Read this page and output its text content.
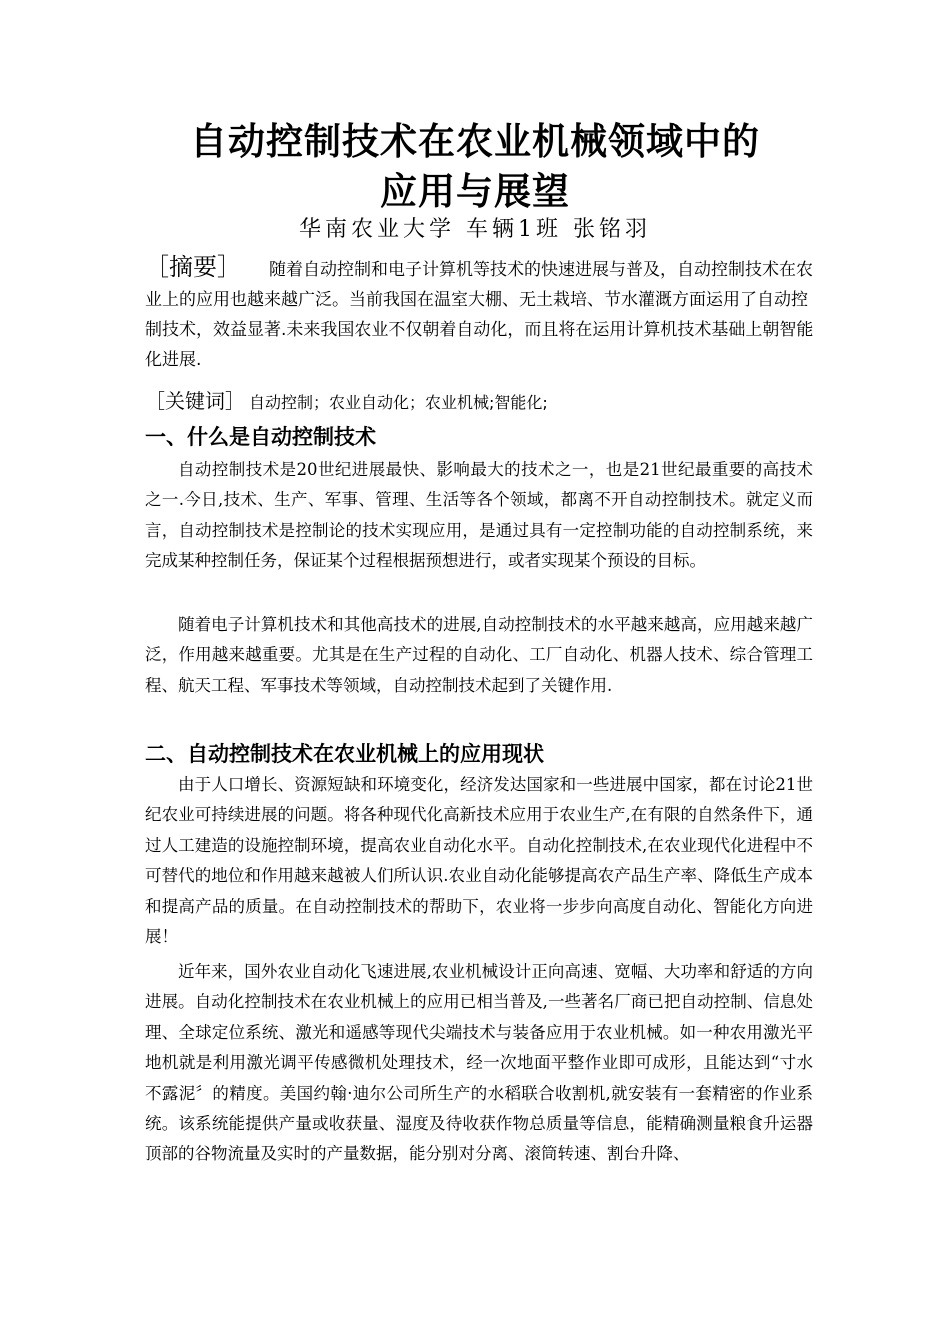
自动控制技术在农业机械领域中的
应用与展望
华南农业大学 车辆1班 张铭羽

［摘要］ 随着自动控制和电子计算机等技术的快速进展与普及，自动控制技术在农业上的应用也越来越广泛。当前我国在温室大棚、无土栽培、节水灌溉方面运用了自动控制技术，效益显著.未来我国农业不仅朝着自动化，而且将在运用计算机技术基础上朝智能化进展.

［关键词］ 自动控制；农业自动化；农业机械;智能化;

一、什么是自动控制技术

自动控制技术是20世纪进展最快、影响最大的技术之一，也是21世纪最重要的高技术之一.今日,技术、生产、军事、管理、生活等各个领域，都离不开自动控制技术。就定义而言，自动控制技术是控制论的技术实现应用，是通过具有一定控制功能的自动控制系统，来完成某种控制任务，保证某个过程根据预想进行，或者实现某个预设的目标。

随着电子计算机技术和其他高技术的进展,自动控制技术的水平越来越高，应用越来越广泛，作用越来越重要。尤其是在生产过程的自动化、工厂自动化、机器人技术、综合管理工程、航天工程、军事技术等领域，自动控制技术起到了关键作用.

二、自动控制技术在农业机械上的应用现状

由于人口增长、资源短缺和环境变化，经济发达国家和一些进展中国家，都在讨论21世纪农业可持续进展的问题。将各种现代化高新技术应用于农业生产,在有限的自然条件下，通过人工建造的设施控制环境，提高农业自动化水平。自动化控制技术,在农业现代化进程中不可替代的地位和作用越来越被人们所认识.农业自动化能够提高农产品生产率、降低生产成本和提高产品的质量。在自动控制技术的帮助下，农业将一步步向高度自动化、智能化方向进展！

近年来，国外农业自动化飞速进展,农业机械设计正向高速、宽幅、大功率和舒适的方向进展。自动化控制技术在农业机械上的应用已相当普及,一些著名厂商已把自动控制、信息处理、全球定位系统、激光和遥感等现代尖端技术与装备应用于农业机械。如一种农用激光平地机就是利用激光调平传感微机处理技术，经一次地面平整作业即可成形，且能达到“寸水不露泥〞的精度。美国约翰·迪尔公司所生产的水稻联合收割机,就安装有一套精密的作业系统。该系统能提供产量或收获量、湿度及待收获作物总质量等信息，能精确测量粮食升运器顶部的谷物流量及实时的产量数据，能分别对分离、滚筒转速、割台升降、
